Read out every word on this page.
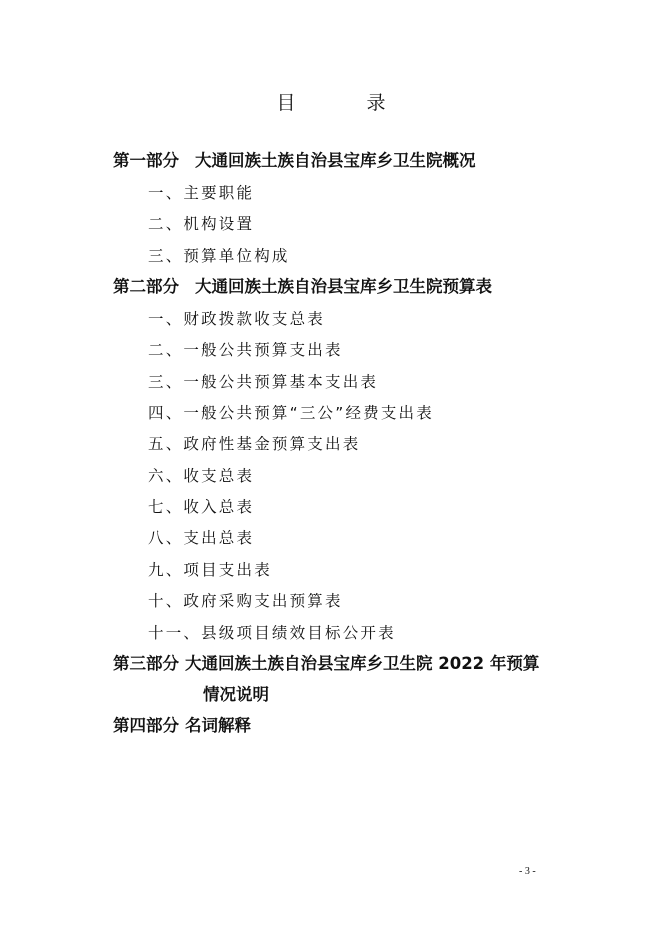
目　录
第一部分 大通回族土族自治县宝库乡卫生院概况
一、主要职能
二、机构设置
三、预算单位构成
第二部分 大通回族土族自治县宝库乡卫生院预算表
一、财政拨款收支总表
二、一般公共预算支出表
三、一般公共预算基本支出表
四、一般公共预算“三公”经费支出表
五、政府性基金预算支出表
六、收支总表
七、收入总表
八、支出总表
九、项目支出表
十、政府采购支出预算表
十一、县级项目绩效目标公开表
第三部分 大通回族土族自治县宝库乡卫生院 2022 年预算
情况说明
第四部分 名词解释
- 3 -
